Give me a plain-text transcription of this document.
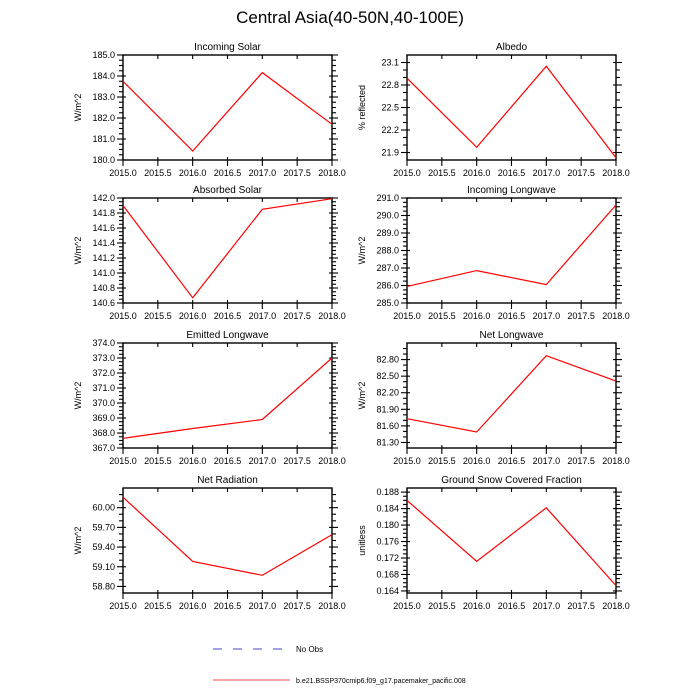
Central Asia(40-50N,40-100E)
2015.0 2015.5 2016.0 2016.5 2017.0 2017.5 2018.0
180.0
181.0
182.0
183.0
184.0
185.0
Incoming Solar
W/m^2
2015.0 2015.5 2016.0 2016.5 2017.0 2017.5 2018.0
21.9
22.2
22.5
22.8
23.1
Albedo
% reflected
2015.0 2015.5 2016.0 2016.5 2017.0 2017.5 2018.0
140.6
140.8
141.0
141.2
141.4
141.6
141.8
142.0
Absorbed Solar
W/m^2
2015.0 2015.5 2016.0 2016.5 2017.0 2017.5 2018.0
285.0
286.0
287.0
288.0
289.0
290.0
291.0
Incoming Longwave
W/m^2
2015.0 2015.5 2016.0 2016.5 2017.0 2017.5 2018.0
367.0
368.0
369.0
370.0
371.0
372.0
373.0
374.0
Emitted Longwave
W/m^2
2015.0 2015.5 2016.0 2016.5 2017.0 2017.5 2018.0
81.30
81.60
81.90
82.20
82.50
82.80
Net Longwave
W/m^2
2015.0 2015.5 2016.0 2016.5 2017.0 2017.5 2018.0
58.80
59.10
59.40
59.70
60.00
Net Radiation
W/m^2
2015.0 2015.5 2016.0 2016.5 2017.0 2017.5 2018.0
0.164
0.168
0.172
0.176
0.180
0.184
0.188
Ground Snow Covered Fraction
unitless
No Obs
b.e21.BSSP370cmip6.f09_g17.pacemaker_pacific.008
